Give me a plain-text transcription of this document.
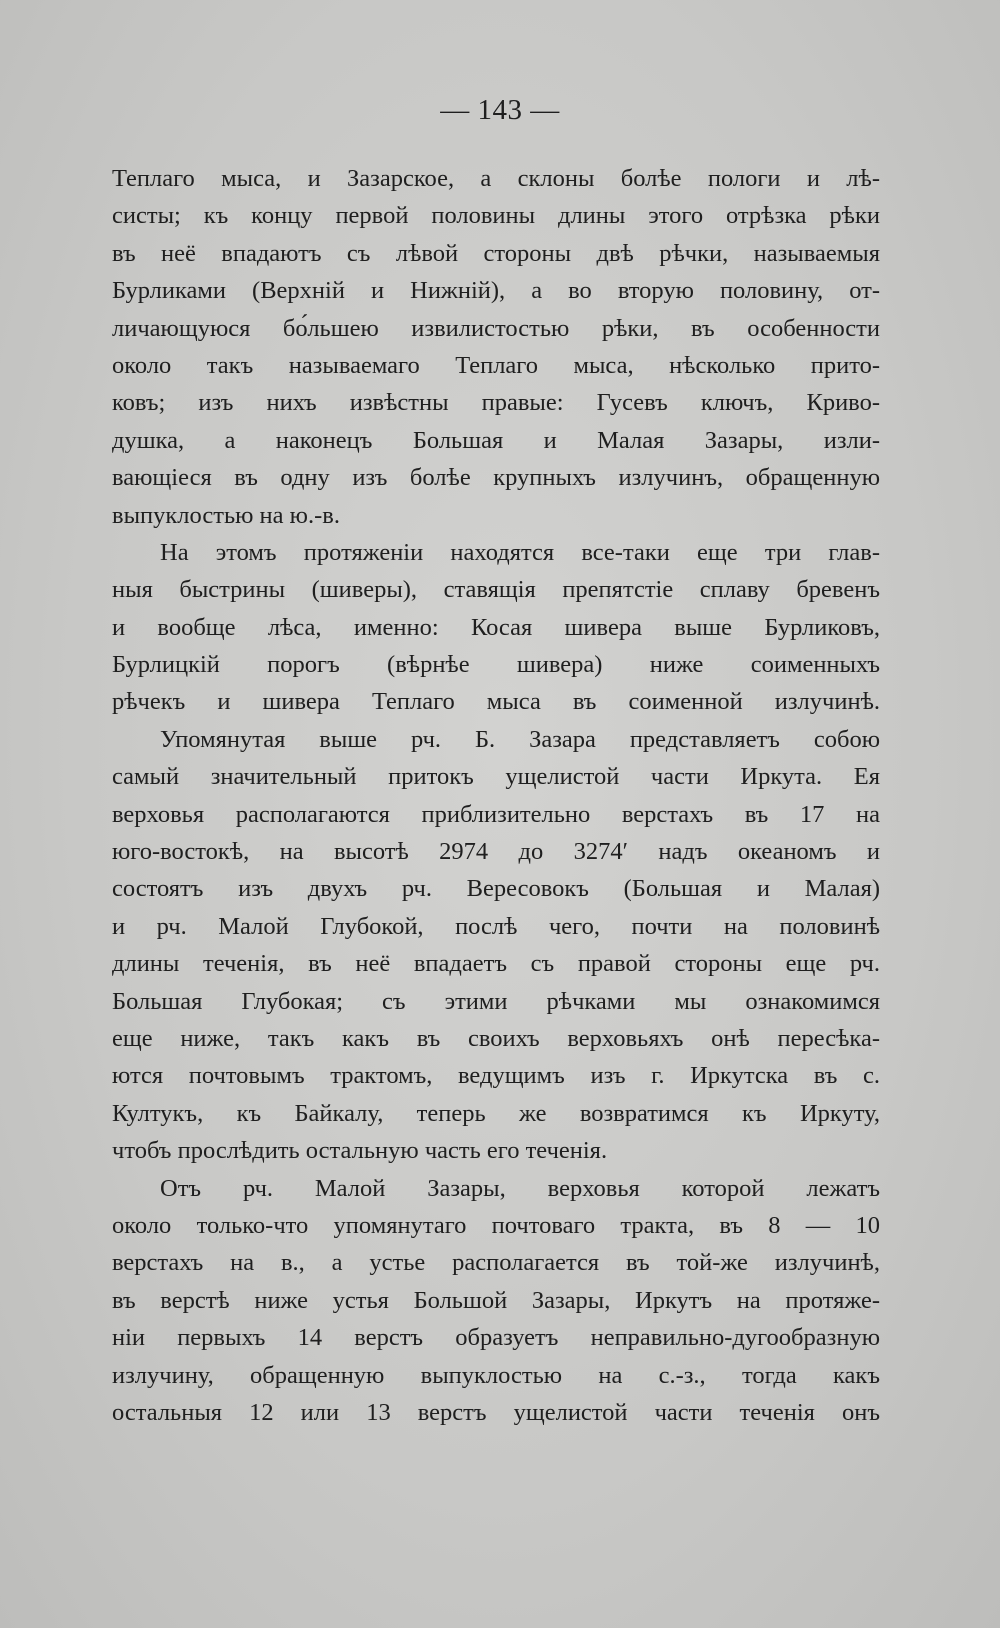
— 143 —
Теплаго мыса, и Зазарское, а склоны болѣе пологи и лѣ-
систы; къ концу первой половины длины этого отрѣзка рѣки
въ неё впадаютъ съ лѣвой стороны двѣ рѣчки, называемыя
Бурликами (Верхній и Нижній), а во вторую половину, от-
личающуюся бо́льшею извилистостью рѣки, въ особенности
около такъ называемаго Теплаго мыса, нѣсколько прито-
ковъ; изъ нихъ извѣстны правые: Гусевъ ключъ, Криво-
душка, а наконецъ Большая и Малая Зазары, изли-
вающіеся въ одну изъ болѣе крупныхъ излучинъ, обращенную
выпуклостью на ю.-в.
На этомъ протяженіи находятся все-таки еще три глав-
ныя быстрины (шиверы), ставящія препятстіе сплаву бревенъ
и вообще лѣса, именно: Косая шивера выше Бурликовъ,
Бурлицкій порогъ (вѣрнѣе шивера) ниже соименныхъ
рѣчекъ и шивера Теплаго мыса въ соименной излучинѣ.
Упомянутая выше рч. Б. Зазара представляетъ собою
самый значительный притокъ ущелистой части Иркута. Ея
верховья располагаются приблизительно верстахъ въ 17 на
юго-востокѣ, на высотѣ 2974 до 3274′ надъ океаномъ и
состоятъ изъ двухъ рч. Вересовокъ (Большая и Малая)
и рч. Малой Глубокой, послѣ чего, почти на половинѣ
длины теченія, въ неё впадаетъ съ правой стороны еще рч.
Большая Глубокая; съ этими рѣчками мы ознакомимся
еще ниже, такъ какъ въ своихъ верховьяхъ онѣ пересѣка-
ются почтовымъ трактомъ, ведущимъ изъ г. Иркутска въ с.
Култукъ, къ Байкалу, теперь же возвратимся къ Иркуту,
чтобъ прослѣдить остальную часть его теченія.
Отъ рч. Малой Зазары, верховья которой лежатъ
около только-что упомянутаго почтоваго тракта, въ 8 — 10
верстахъ на в., а устье располагается въ той-же излучинѣ,
въ верстѣ ниже устья Большой Зазары, Иркутъ на протяже-
ніи первыхъ 14 верстъ образуетъ неправильно-дугообразную
излучину, обращенную выпуклостью на с.-з., тогда какъ
остальныя 12 или 13 верстъ ущелистой части теченія онъ
